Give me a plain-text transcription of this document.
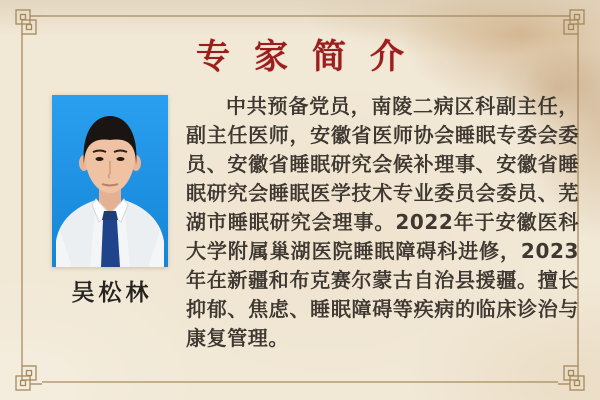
专家简介
吴松林

中共预备党员，南陵二病区科副主任，副主任医师，安徽省医师协会睡眠专委会委员、安徽省睡眠研究会候补理事、安徽省睡眠研究会睡眠医学技术专业委员会委员、芜湖市睡眠研究会理事。2022年于安徽医科大学附属巢湖医院睡眠障碍科进修，2023年在新疆和布克赛尔蒙古自治县援疆。擅长抑郁、焦虑、睡眠障碍等疾病的临床诊治与康复管理。
